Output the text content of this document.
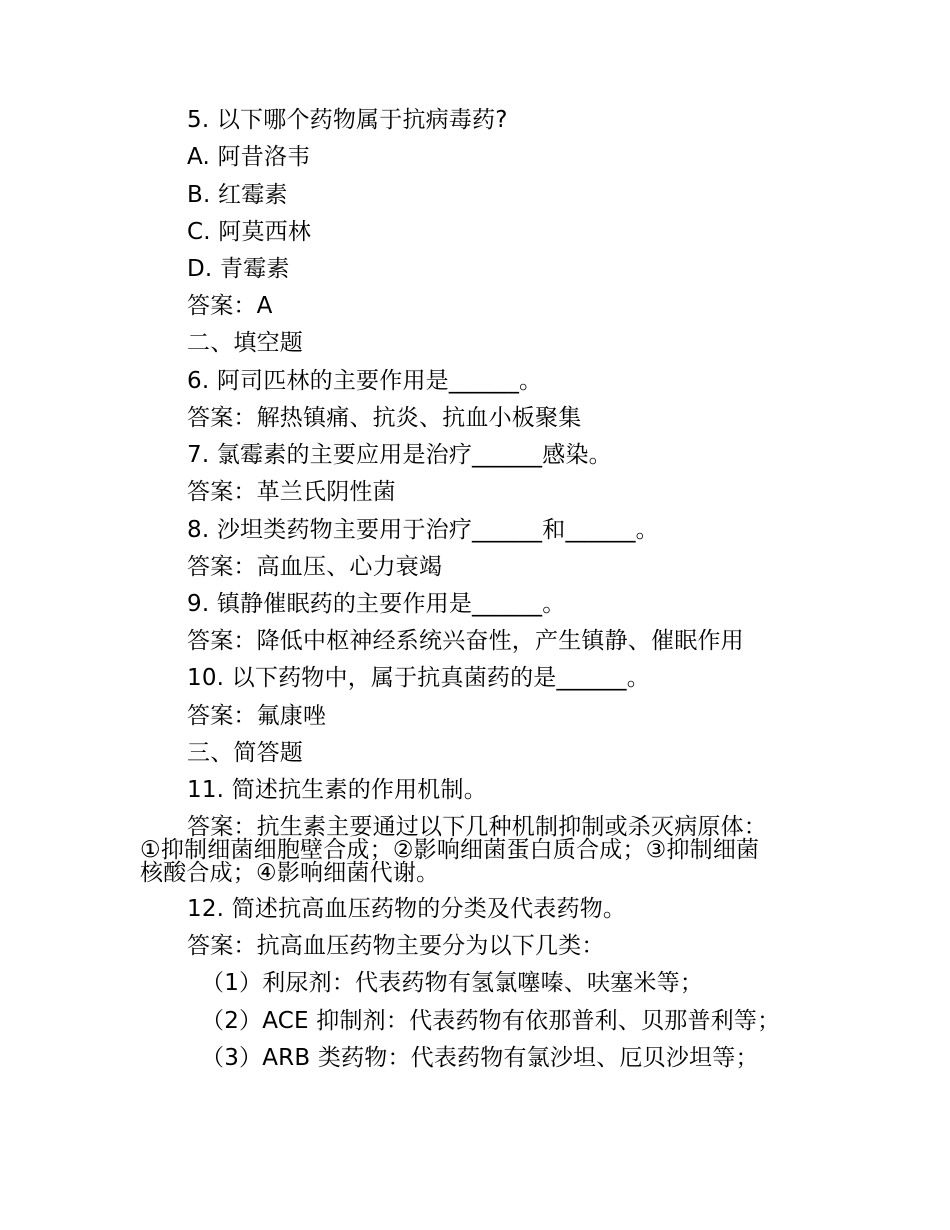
5. 以下哪个药物属于抗病毒药?
A. 阿昔洛韦
B. 红霉素
C. 阿莫西林
D. 青霉素
答案：A
二、填空题
6. 阿司匹林的主要作用是______。
答案：解热镇痛、抗炎、抗血小板聚集
7. 氯霉素的主要应用是治疗______感染。
答案：革兰氏阴性菌
8. 沙坦类药物主要用于治疗______和______。
答案：高血压、心力衰竭
9. 镇静催眠药的主要作用是______。
答案：降低中枢神经系统兴奋性，产生镇静、催眠作用
10. 以下药物中，属于抗真菌药的是______。
答案：氟康唑
三、简答题
11. 简述抗生素的作用机制。
答案：抗生素主要通过以下几种机制抑制或杀灭病原体：
①抑制细菌细胞壁合成；②影响细菌蛋白质合成；③抑制细菌
核酸合成；④影响细菌代谢。
12. 简述抗高血压药物的分类及代表药物。
答案：抗高血压药物主要分为以下几类：
（1）利尿剂：代表药物有氢氯噻嗪、呋塞米等；
（2）ACE 抑制剂：代表药物有依那普利、贝那普利等；
（3）ARB 类药物：代表药物有氯沙坦、厄贝沙坦等；
